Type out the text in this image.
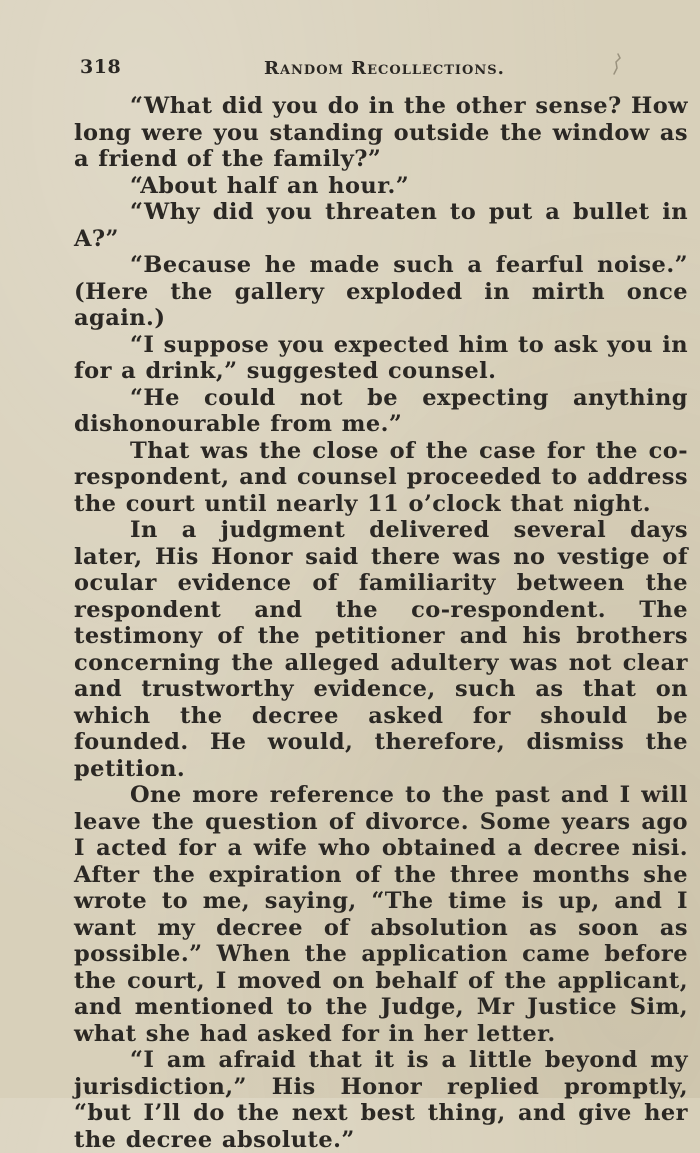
318	Random Recollections.

“What did you do in the other sense? How long were you standing outside the window as a friend of the family?”

“About half an hour.”

“Why did you threaten to put a bullet in A?”

“Because he made such a fearful noise.” (Here the gallery exploded in mirth once again.)

“I suppose you expected him to ask you in for a drink,” suggested counsel.

“He could not be expecting anything dishonourable from me.”

That was the close of the case for the co-respondent, and counsel proceeded to address the court until nearly 11 o’clock that night.

In a judgment delivered several days later, His Honor said there was no vestige of ocular evidence of familiarity between the respondent and the co-respondent. The testimony of the petitioner and his brothers concerning the alleged adultery was not clear and trustworthy evidence, such as that on which the decree asked for should be founded. He would, therefore, dismiss the petition.

One more reference to the past and I will leave the question of divorce. Some years ago I acted for a wife who obtained a decree nisi. After the expiration of the three months she wrote to me, saying, “The time is up, and I want my decree of absolution as soon as possible.” When the application came before the court, I moved on behalf of the applicant, and mentioned to the Judge, Mr Justice Sim, what she had asked for in her letter.

“I am afraid that it is a little beyond my jurisdiction,” His Honor replied promptly, “but I’ll do the next best thing, and give her the decree absolute.”
